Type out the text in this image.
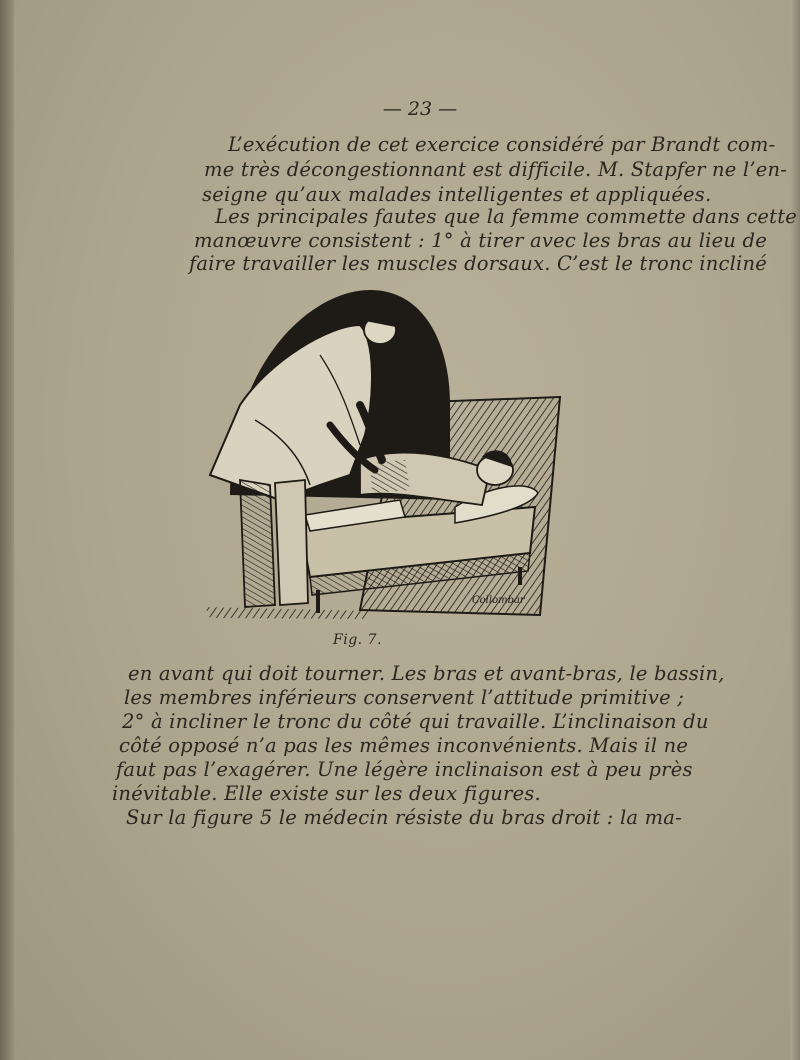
— 23 —
L’exécution de cet exercice considéré par Brandt com-
me très décongestionnant est difficile. M. Stapfer ne l’en-
seigne qu’aux malades intelligentes et appliquées.
Les principales fautes que la femme commette dans cette
manœuvre consistent : 1° à tirer avec les bras au lieu de
faire travailler les muscles dorsaux. C’est le tronc incliné
Collombar
Fig. 7.
en avant qui doit tourner. Les bras et avant-bras, le bassin,
les membres inférieurs conservent l’attitude primitive ;
2° à incliner le tronc du côté qui travaille. L’inclinaison du
côté opposé n’a pas les mêmes inconvénients. Mais il ne
faut pas l’exagérer. Une légère inclinaison est à peu près
inévitable. Elle existe sur les deux figures.
Sur la figure 5 le médecin résiste du bras droit : la ma-
